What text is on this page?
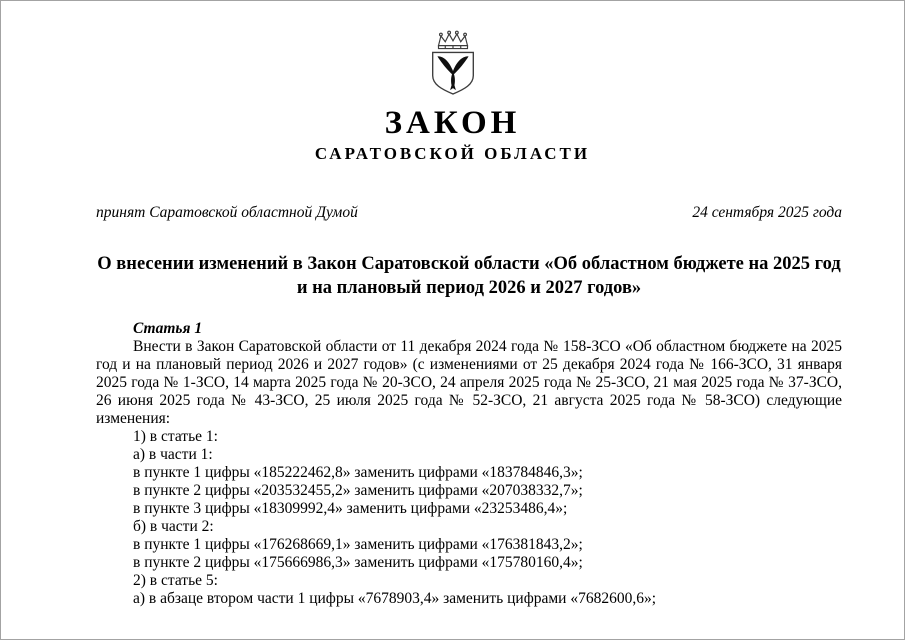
ЗАКОН
САРАТОВСКОЙ ОБЛАСТИ
принят Саратовской областной Думой	24 сентября 2025 года
О внесении изменений в Закон Саратовской области «Об областном бюджете на 2025 год и на плановый период 2026 и 2027 годов»

Статья 1

Внести в Закон Саратовской области от 11 декабря 2024 года № 158-ЗСО «Об областном бюджете на 2025 год и на плановый период 2026 и 2027 годов» (с изменениями от 25 декабря 2024 года № 166-ЗСО, 31 января 2025 года № 1-ЗСО, 14 марта 2025 года № 20-ЗСО, 24 апреля 2025 года № 25-ЗСО, 21 мая 2025 года № 37-ЗСО, 26 июня 2025 года № 43-ЗСО, 25 июля 2025 года № 52-ЗСО, 21 августа 2025 года № 58-ЗСО) следующие изменения:

1) в статье 1:

а) в части 1:

в пункте 1 цифры «185222462,8» заменить цифрами «183784846,3»;

в пункте 2 цифры «203532455,2» заменить цифрами «207038332,7»;

в пункте 3 цифры «18309992,4» заменить цифрами «23253486,4»;

б) в части 2:

в пункте 1 цифры «176268669,1» заменить цифрами «176381843,2»;

в пункте 2 цифры «175666986,3» заменить цифрами «175780160,4»;

2) в статье 5:

а) в абзаце втором части 1 цифры «7678903,4» заменить цифрами «7682600,6»;
